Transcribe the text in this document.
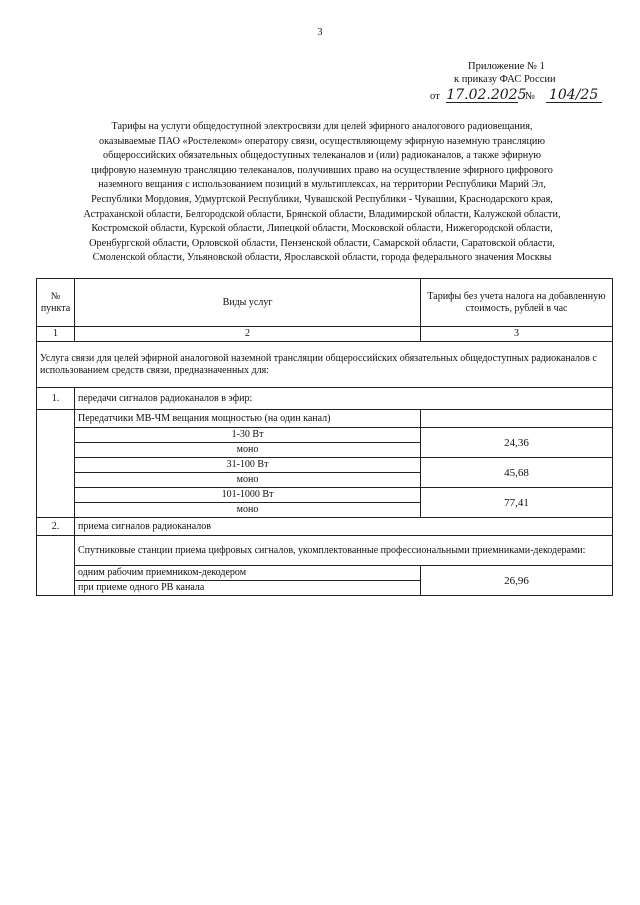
3
Приложение № 1
к приказу ФАС России
от 17.02.2025 № 104/25
Тарифы на услуги общедоступной электросвязи для целей эфирного аналогового радиовещания,
оказываемые ПАО «Ростелеком» оператору связи, осуществляющему эфирную наземную трансляцию
общероссийских обязательных общедоступных телеканалов и (или) радиоканалов, а также эфирную
цифровую наземную трансляцию телеканалов, получивших право на осуществление эфирного цифрового
наземного вещания с использованием позиций в мультиплексах, на территории Республики Марий Эл,
Республики Мордовия, Удмуртской Республики, Чувашской Республики - Чувашии, Краснодарского края,
Астраханской области, Белгородской области, Брянской области, Владимирской области, Калужской области,
Костромской области, Курской области, Липецкой области, Московской области, Нижегородской области,
Оренбургской области, Орловской области, Пензенской области, Самарской области, Саратовской области,
Смоленской области, Ульяновской области, Ярославской области, города федерального значения Москвы
№ пункта	Виды услуг	Тарифы без учета налога на добавленную стоимость, рублей в час
1	2	3
Услуга связи для целей эфирной аналоговой наземной трансляции общероссийских обязательных общедоступных радиоканалов с использованием средств связи, предназначенных для:		
1.	передачи сигналов радиоканалов в эфир:	
	Передатчики МВ-ЧМ вещания мощностью (на один канал)	
	1-30 Вт	24,36
	моно	
	31-100 Вт	45,68
	моно	
	101-1000 Вт	77,41
	моно	
2.	приема сигналов радиоканалов	
	Спутниковые станции приема цифровых сигналов, укомплектованные профессиональными приемниками-декодерами:	
	одним рабочим приемником-декодером	26,96
	при приеме одного РВ канала	
